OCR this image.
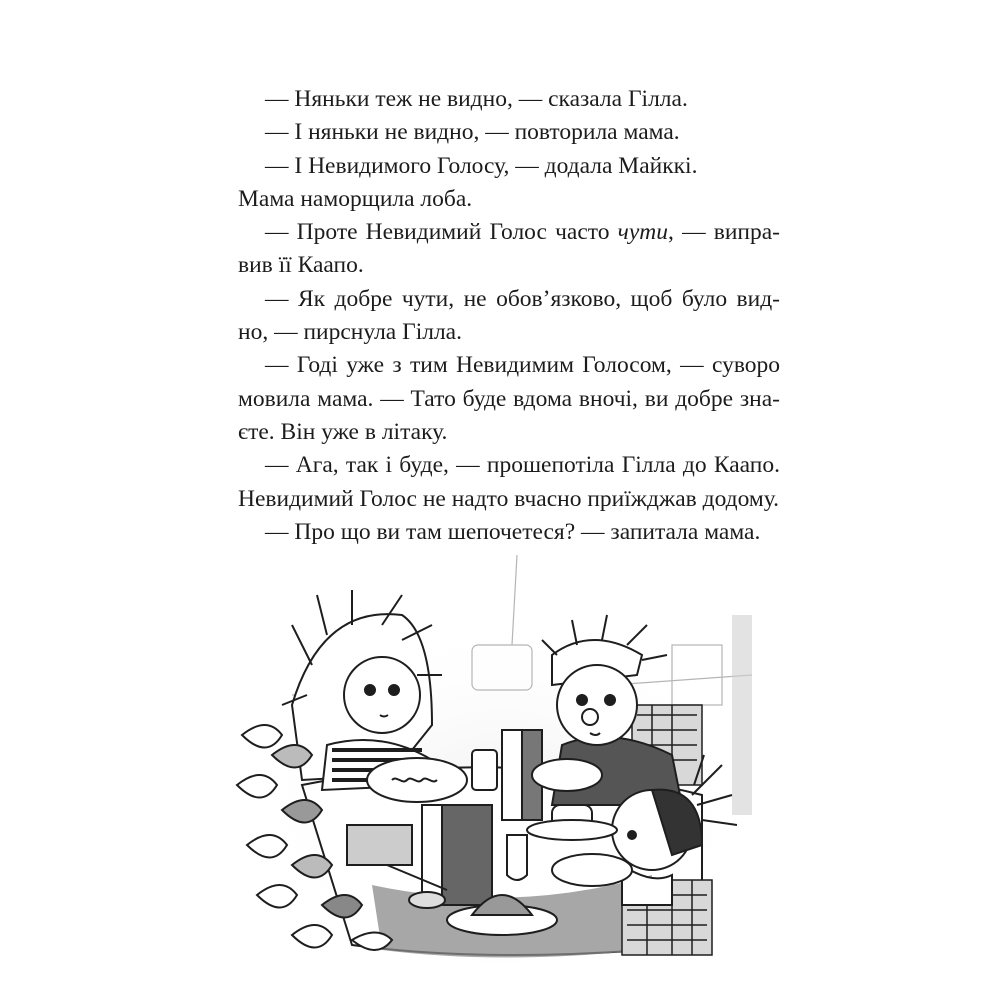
— Няньки теж не видно, — сказала Гілла.

— І няньки не видно, — повторила мама.

— І Невидимого Голосу, — додала Майккі.

Мама наморщила лоба.

— Проте Невидимий Голос часто чути, — випра-вив її Каапо.

— Як добре чути, не обов’язково, щоб було вид-но, — пирснула Гілла.

— Годі уже з тим Невидимим Голосом, — суворо мовила мама. — Тато буде вдома вночі, ви добре зна-єте. Він уже в літаку.

— Ага, так і буде, — прошепотіла Гілла до Каапо. Невидимий Голос не надто вчасно приїжджав додому.

— Про що ви там шепочетеся? — запитала мама.
